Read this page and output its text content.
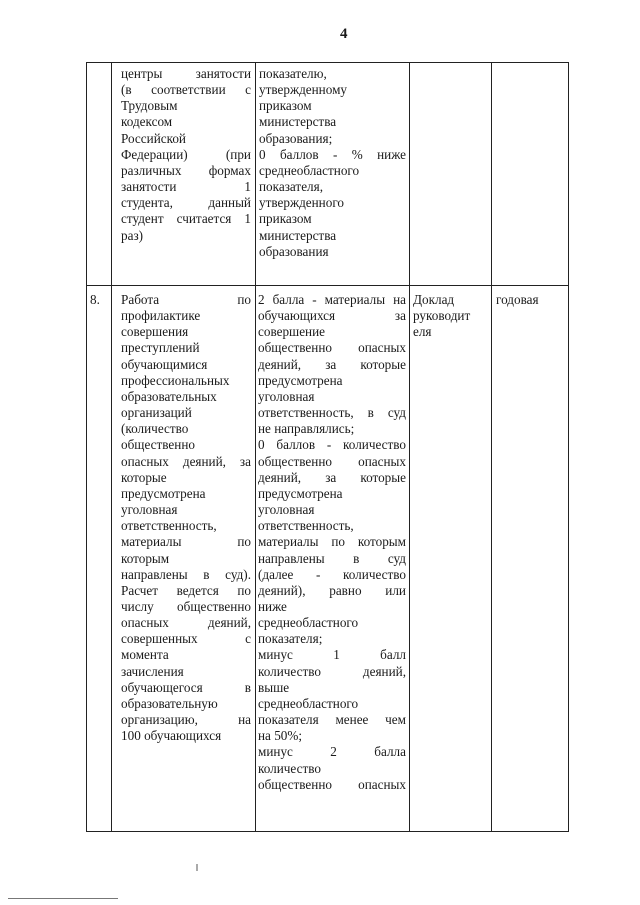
4
центры занятости
(в соответствии с
Трудовым
кодексом
Российской
Федерации) (при
различных формах
занятости 1
студента, данный
студент считается 1
раз)
показателю,
утвержденному
приказом
министерства
образования;
0 баллов - % ниже
среднеобластного
показателя,
утвержденного
приказом
министерства
образования
8.	Работа по
профилактике
совершения
преступлений
обучающимися
профессиональных
образовательных
организаций
(количество
общественно
опасных деяний, за
которые
предусмотрена
уголовная
ответственность,
материалы по
которым
направлены в суд).
Расчет ведется по
числу общественно
опасных деяний,
совершенных с
момента
зачисления
обучающегося в
образовательную
организацию, на
100 обучающихся
2 балла - материалы на
обучающихся за
совершение
общественно опасных
деяний, за которые
предусмотрена
уголовная
ответственность, в суд
не направлялись;
0 баллов - количество
общественно опасных
деяний, за которые
предусмотрена
уголовная
ответственность,
материалы по которым
направлены в суд
(далее - количество
деяний), равно или
ниже
среднеобластного
показателя;
минус 1 балл
количество деяний,
выше
среднеобластного
показателя менее чем
на 50%;
минус 2 балла
количество
общественно опасных
Доклад
руководит
еля
годовая
